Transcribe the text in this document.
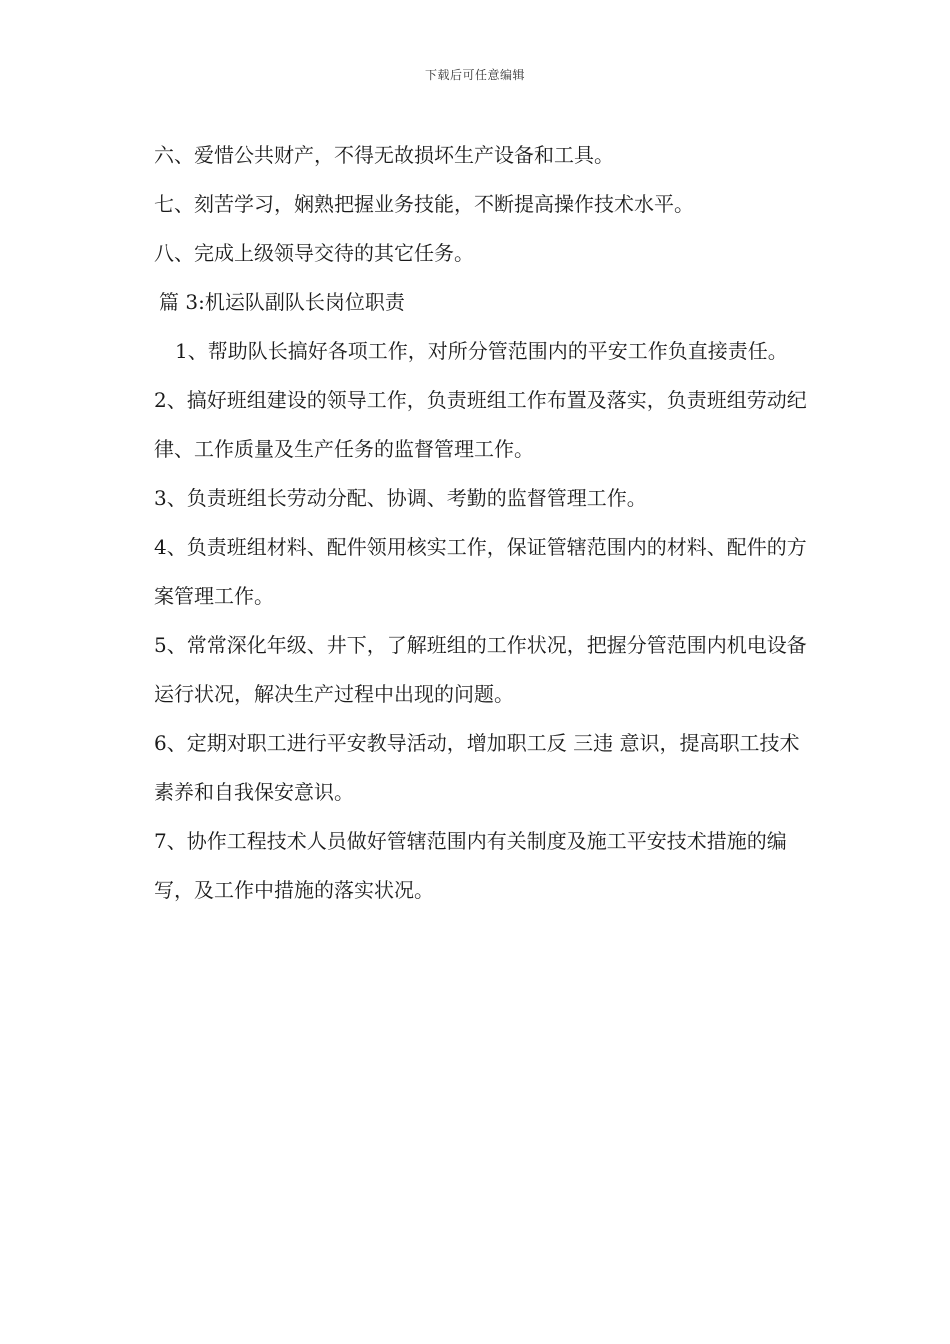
下载后可任意编辑

六、爱惜公共财产，不得无故损坏生产设备和工具。

七、刻苦学习，娴熟把握业务技能，不断提高操作技术水平。

八、完成上级领导交待的其它任务。

篇 3:机运队副队长岗位职责

1、帮助队长搞好各项工作，对所分管范围内的平安工作负直接责任。

2、搞好班组建设的领导工作，负责班组工作布置及落实，负责班组劳动纪律、工作质量及生产任务的监督管理工作。

3、负责班组长劳动分配、协调、考勤的监督管理工作。

4、负责班组材料、配件领用核实工作，保证管辖范围内的材料、配件的方案管理工作。

5、常常深化年级、井下，了解班组的工作状况，把握分管范围内机电设备运行状况，解决生产过程中出现的问题。

6、定期对职工进行平安教导活动，增加职工反 三违 意识，提高职工技术素养和自我保安意识。

7、协作工程技术人员做好管辖范围内有关制度及施工平安技术措施的编写，及工作中措施的落实状况。
